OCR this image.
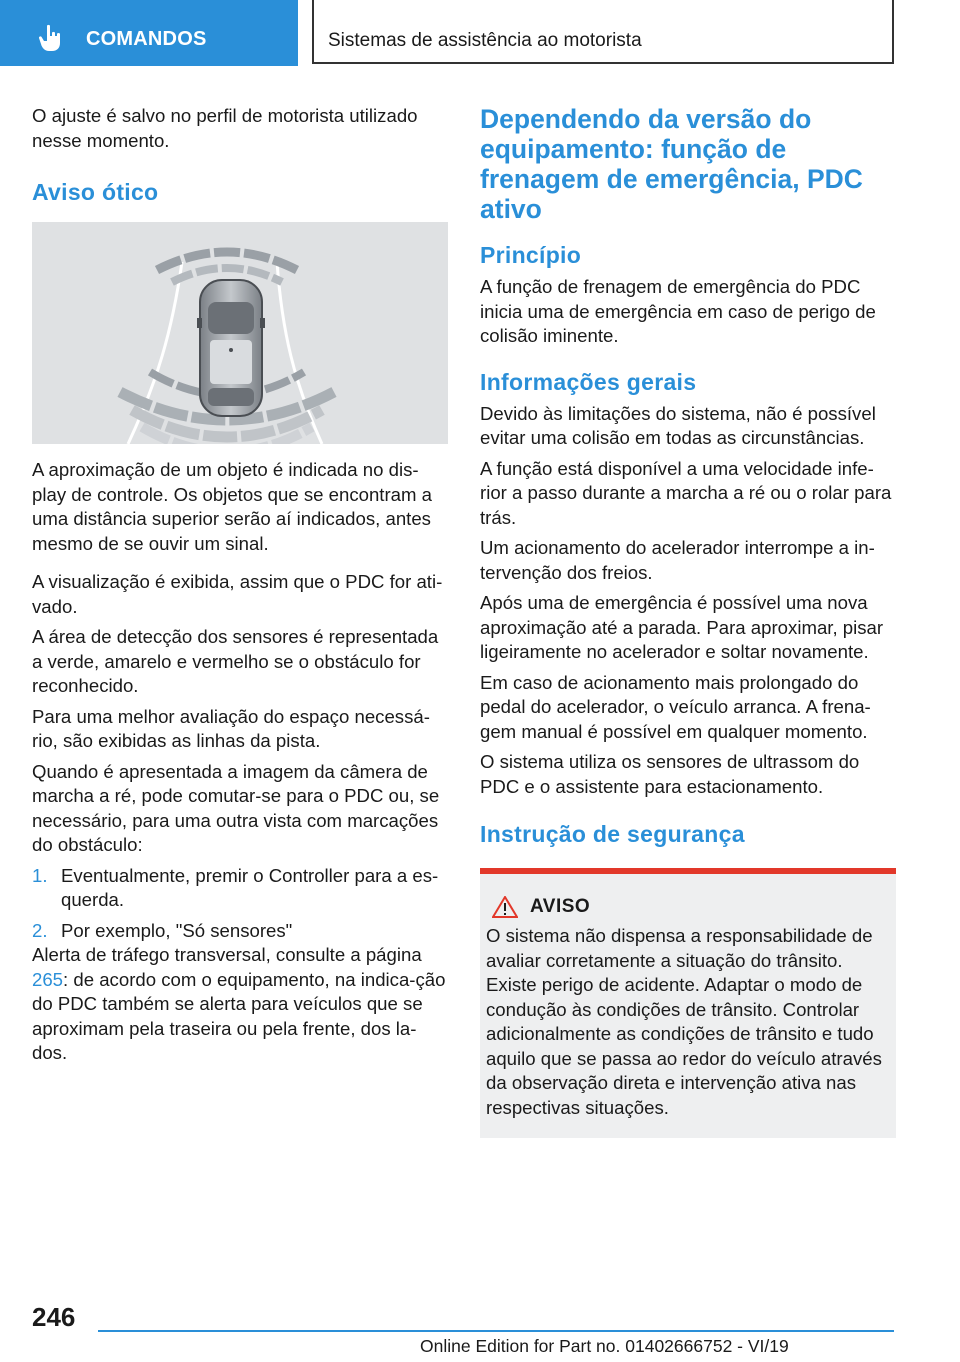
COMANDOS	Sistemas de assistência ao motorista

O ajuste é salvo no perfil de motorista utilizado nesse momento.

Aviso ótico

A aproximação de um objeto é indicada no dis-play de controle. Os objetos que se encontram a uma distância superior serão aí indicados, antes mesmo de se ouvir um sinal.

A visualização é exibida, assim que o PDC for ati-vado.

A área de detecção dos sensores é representada a verde, amarelo e vermelho se o obstáculo for reconhecido.

Para uma melhor avaliação do espaço necessá-rio, são exibidas as linhas da pista.

Quando é apresentada a imagem da câmera de marcha a ré, pode comutar-se para o PDC ou, se necessário, para uma outra vista com marcações do obstáculo:

1. Eventualmente, premir o Controller para a es-querda.
2. Por exemplo, "Só sensores"

Alerta de tráfego transversal, consulte a página 265: de acordo com o equipamento, na indica-ção do PDC também se alerta para veículos que se aproximam pela traseira ou pela frente, dos la-dos.

Dependendo da versão do equipamento: função de frenagem de emergência, PDC ativo
Princípio

A função de frenagem de emergência do PDC inicia uma de emergência em caso de perigo de colisão iminente.

Informações gerais

Devido às limitações do sistema, não é possível evitar uma colisão em todas as circunstâncias.

A função está disponível a uma velocidade infe-rior a passo durante a marcha a ré ou o rolar para trás.

Um acionamento do acelerador interrompe a in-tervenção dos freios.

Após uma de emergência é possível uma nova aproximação até a parada. Para aproximar, pisar ligeiramente no acelerador e soltar novamente.

Em caso de acionamento mais prolongado do pedal do acelerador, o veículo arranca. A frena-gem manual é possível em qualquer momento.

O sistema utiliza os sensores de ultrassom do PDC e o assistente para estacionamento.

Instrução de segurança
AVISO

O sistema não dispensa a responsabilidade de avaliar corretamente a situação do trânsito. Existe perigo de acidente. Adaptar o modo de condução às condições de trânsito. Controlar adicionalmente as condições de trânsito e tudo aquilo que se passa ao redor do veículo através da observação direta e intervenção ativa nas respectivas situações.

246
Online Edition for Part no. 01402666752 - VI/19
